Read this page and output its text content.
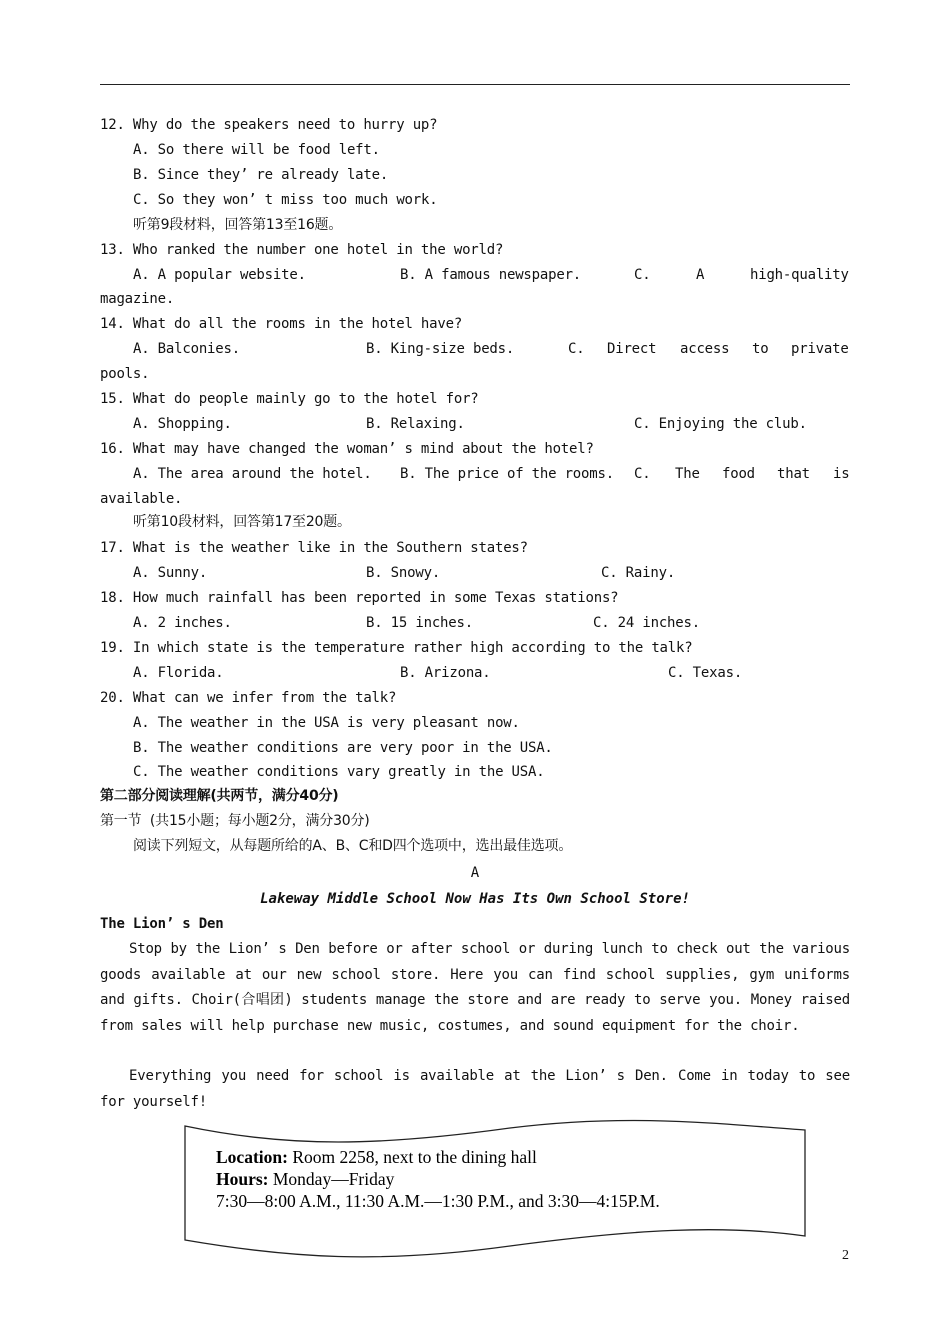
12. Why do the speakers need to hurry up?
A. So there will be food left.
B. Since they’ re already late.
C. So they won’ t miss too much work.
听第9段材料，回答第13至16题。
13. Who ranked the number one hotel in the world?
A. A popular website.	B. A famous newspaper.	C.	A	high-quality
magazine.
14. What do all the rooms in the hotel have?
A. Balconies.	B. King-size beds.	C. Direct access to private
pools.
15. What do people mainly go to the hotel for?
A. Shopping.	B. Relaxing.	C. Enjoying the club.
16. What may have changed the woman’ s mind about the hotel?
A. The area around the hotel. B. The price of the rooms. C. The food that is
available.
听第10段材料，回答第17至20题。
17. What is the weather like in the Southern states?
A. Sunny.	B. Snowy.	C. Rainy.
18. How much rainfall has been reported in some Texas stations?
A. 2 inches.	B. 15 inches.	C. 24 inches.
19. In which state is the temperature rather high according to the talk?
A. Florida.	B. Arizona.	C. Texas.
20. What can we infer from the talk?
A. The weather in the USA is very pleasant now.
B. The weather conditions are very poor in the USA.
C. The weather conditions vary greatly in the USA.
第二部分阅读理解(共两节，满分40分)
第一节  (共15小题；每小题2分，满分30分)
阅读下列短文，从每题所给的A、B、C和D四个选项中，选出最佳选项。
A
Lakeway Middle School Now Has Its Own School Store!
The Lion’ s Den
Stop by the Lion’ s Den before or after school or during lunch to check out the various goods available at our new school store. Here you can find school supplies, gym uniforms and gifts. Choir(合唱团) students manage the store and are ready to serve you. Money raised from sales will help purchase new music, costumes, and sound equipment for the choir.
Everything you need for school is available at the Lion’ s Den. Come in today to see for yourself!
Location: Room 2258, next to the dining hall
Hours: Monday—Friday
7:30—8:00 A.M., 11:30 A.M.—1:30 P.M., and 3:30—4:15P.M.
2
